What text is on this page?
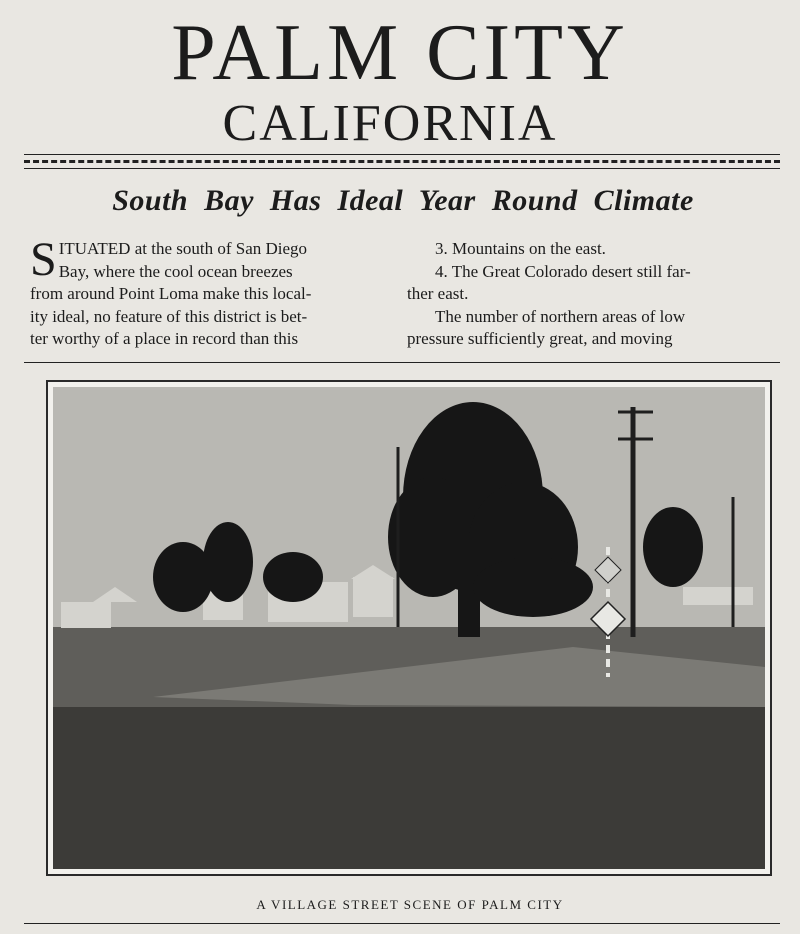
PALM CITY
CALIFORNIA
South Bay Has Ideal Year Round Climate
S ITUATED at the south of San Diego
Bay, where the cool ocean breezes
from around Point Loma make this local-
ity ideal, no feature of this district is bet-
ter worthy of a place in record than this

3. Mountains on the east.

4. The Great Colorado desert still far-

ther east.

The number of northern areas of low

pressure sufficiently great, and moving

A VILLAGE STREET SCENE OF PALM CITY
